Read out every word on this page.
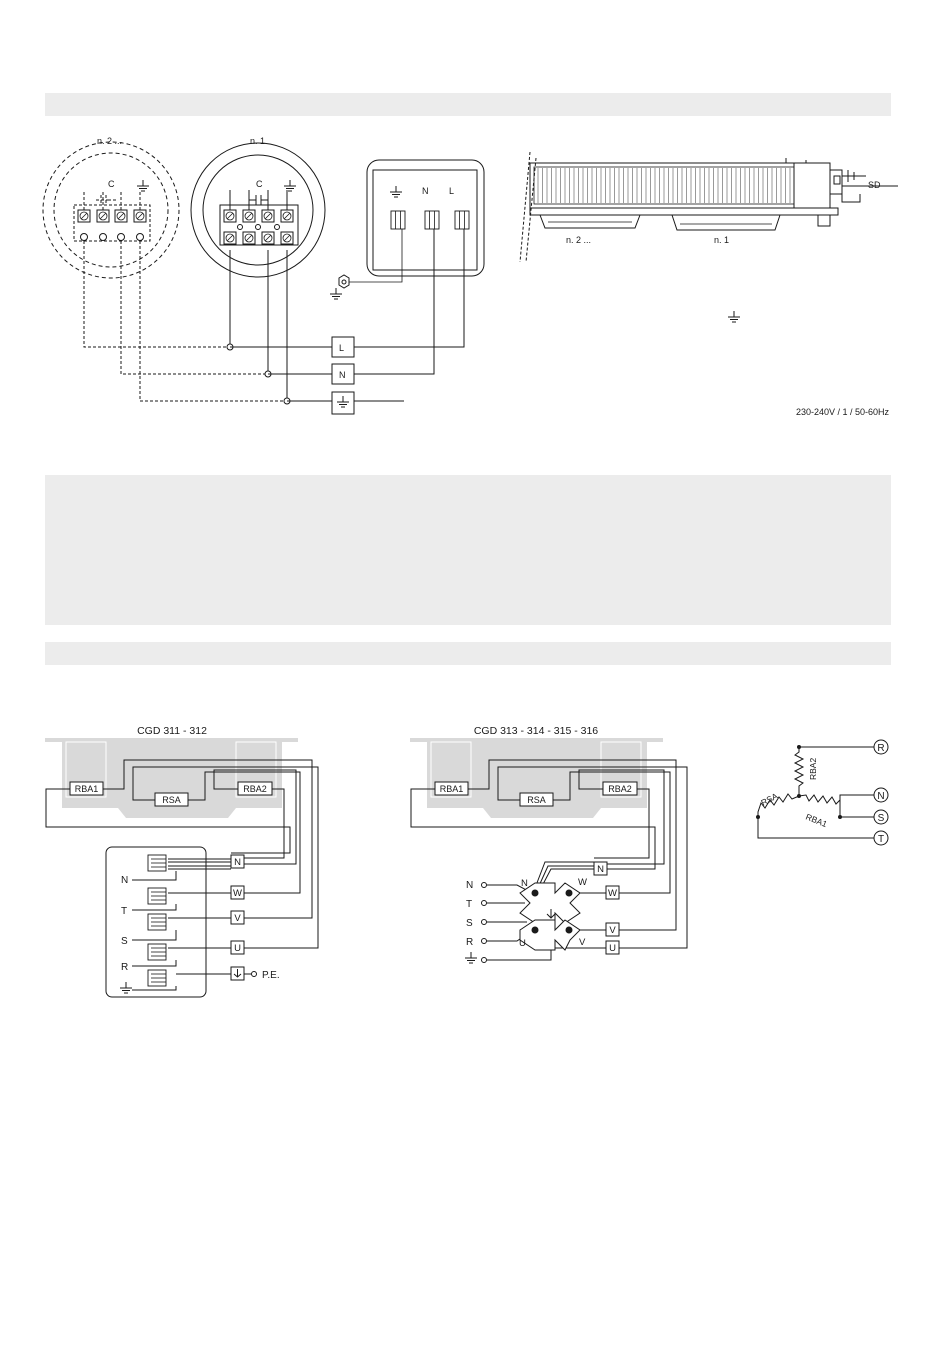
n. 2 ...
C
n. 1
C
N L
L
N
SD
n. 2 ...	n. 1
230-240V / 1 / 50-60Hz
CGD 311 - 312
RBA1
RSA
RBA2
N
T
S
R
N
W
V
U
P.E.
CGD 313 - 314 - 315 - 316
N
T
S
R
N	W
U	V
RBA1
RSA
RBA2
N
W
V
U
R
N
S
T
RBA2
RSA
RBA1
